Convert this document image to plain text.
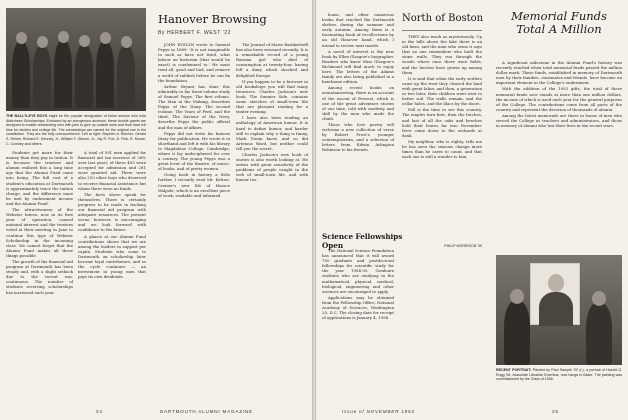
THE BALL'S-EYE BOYS might be the popular designation of these seniors who hold Aldrichsen Scholarships. Endowed by an anonymous alumnus, these double grants are designed to enable outstanding men with jobs to give up outside work and thus have full time for studies and college life. The scholarships are named for the original one in the constitution. They are the fully unencumbered. Left to right: Stephen A. Belcher, Gerald S. Reiner, Richard E. Denney, Jr., William F. Gibson, Jr., Jay R. Fort, D. Fink, R. Moore, C. Crowley and others.

Students get more for their money than they pay in tuition. It is because the trustees and alumni realized this a long time ago that the Alumni Fund came into being. The full cost of a student's education at Dartmouth is approximately twice the tuition charge, and the difference must be met by endowment income and the Alumni Fund.

The attractiveness of the Webster Intern, now in its first year of operation, caused national interest and the trustees voted at their meeting in June to continue this type of Webster Scholarship in the incoming class. We cannot forget that the Alumni Fund makes all these things possible.

The growth of the financial aid program at Dartmouth has been steady and, with a slight setback due to the recent war, continuous. The number of students receiving scholarships has increased each year.

A total of 591 men applied for financial aid (an increase of 26% over last year); of these 405 were accepted for admission and 281 were granted aid. There were also 210 other boys who deserved to receive financial assistance but whom there were no funds.

The facts above speak for themselves. There is certainly progress to be made in backing our financial aid program with adequate resources. The present scene, however, is encouraging and we look forward with confidence to the future.

A glance at our Alumni Fund contributions shows that we are among the leaders in support per capita. Students who come to Dartmouth on scholarship later become loyal contributors, and so the cycle continues — an investment in young men that pays its own dividends.

Hanover Browsing
By HERBERT F. WEST '22

JOHN EVELYN wrote to Samuel Pepys in 1689: 'It is not imaginable to such as have not tried, what labour an historian (that would be exact) is condemned to.' He must read all, good and bad, and remove a world of rubbish before he can fix the foundation.

Arthur Bryant has done this admirably in his three-volume study of Samuel Pepys. The first volume, The Man in the Making, describes Pepys of the Diary. The second volume, The Years of Peril, and the third, The Saviour of the Navy, describe Pepys the public official and the man of affairs.

Pepys did not write his famous Diary for publication. He wrote it in shorthand and left it with his library to Magdalene College, Cambridge, where it lay undeciphered for over a century. The young Pepys was a great lover of the theatre, of music, of books, and of pretty women.

Going back in history a little further, I recently read Mr. Ketton-Cremer's new life of Horace Walpole, which is an excellent piece of work, readable and informed.

The Journal of Marie Bashkirtseff has also been reissued recently. It is a remarkable record of a young Russian girl who died of consumption at twenty-four, having left a diary which shocked and delighted Europe.

If you happen to be a browser in old bookshops you will find many treasures. Charles Jackson's new book, The Sunnier Side, contains some sketches of small-town life that are pleasant reading for a winter evening.

I have also been reading an anthology of American humor. It is hard to define humor, and harder still to explain why a thing is funny. Mark Twain knew, and so did Artemus Ward, but neither could tell you the secret.

Charles Jackson's new book of stories is also worth looking at. He writes with great sensitivity of the problems of people caught in the web of small-town life, and with humor too.

24	DARTMOUTH ALUMNI MAGAZINE

home, and other numerous books that reached the Dartmouth shelves during the summer and early autumn. Among them is a fascinating book of recollections by an old Hanover hand, which I intend to review next month.

A novel of interest is the new book by Ellen Glasgow's biographer. Readers who knew Miss Glasgow's Richmond will find much to enjoy here. The letters of the Adams family are also being published in a handsome edition.

Among recent books on mountaineering, there is an account of the ascent of Everest, which is one of the great adventure stories of our time, told with modesty and skill by the men who made the climb.

Those who love poetry will welcome a new collection of verse by Robert Frost's younger contemporaries, and a selection of letters from Edwin Arlington Robinson to his friends.

Science Fellowships Open

The National Science Foundation has announced that it will award 750 graduate and postdoctoral fellowships for scientific study for the year 1954-55. Graduate students who are studying in the mathematical, physical, medical, biological, engineering and other sciences are encouraged to apply.

Applications may be obtained from the Fellowship Office, National Academy of Sciences, Washington 25, D.C. The closing date for receipt of applications is January 4, 1954.

Issue of NOVEMBER 1953
North of Boston

THEY also teach as mysteriously. Up in the hills above the lake there is an old farm, and the man who owns it says that no one remembers who built the stone walls. They run through the woods where once there were fields, and the birches have grown up among them.

It is said that when the early settlers came up the river they cleared the land with great labor, and then, a generation or two later, their children went west to better soil. The walls remain, and the cellar holes, and the lilacs by the doors.

Fall is the time to see this country. The maples turn first, then the birches, and last of all the oaks and beeches hold their leaves far into November. Deer come down to the orchards at dusk.

My neighbor, who is eighty, tells me he has seen the seasons change more times than he cares to count, and that each one is still a wonder to him.

PHILIP MORRISON '35
Memorial Funds Total A Million

A significant milestone in the Alumni Fund's history was recently reached when total memorial funds passed the million dollar mark. These funds, established in memory of Dartmouth men by their families, classmates and friends, have become an important element in the College's endowment.

With the addition of the 1953 gifts, the total of these memorial funds now stands at more than one million dollars, the income of which is used each year for the general purposes of the College. The contributions come from all parts of the country and represent the devotion of thousands of alumni.

Among the latest memorials are those in honor of men who served the College as teachers and administrators, and those in memory of alumni who lost their lives in the recent wars.

RECENT PORTRAIT: Painted by Paul Sample '20 (r.), a portrait of Harold G. Rugg '06, Associate Librarian Emeritus, now hangs in Baker. The painting was commissioned by the Class of 1906.
25
